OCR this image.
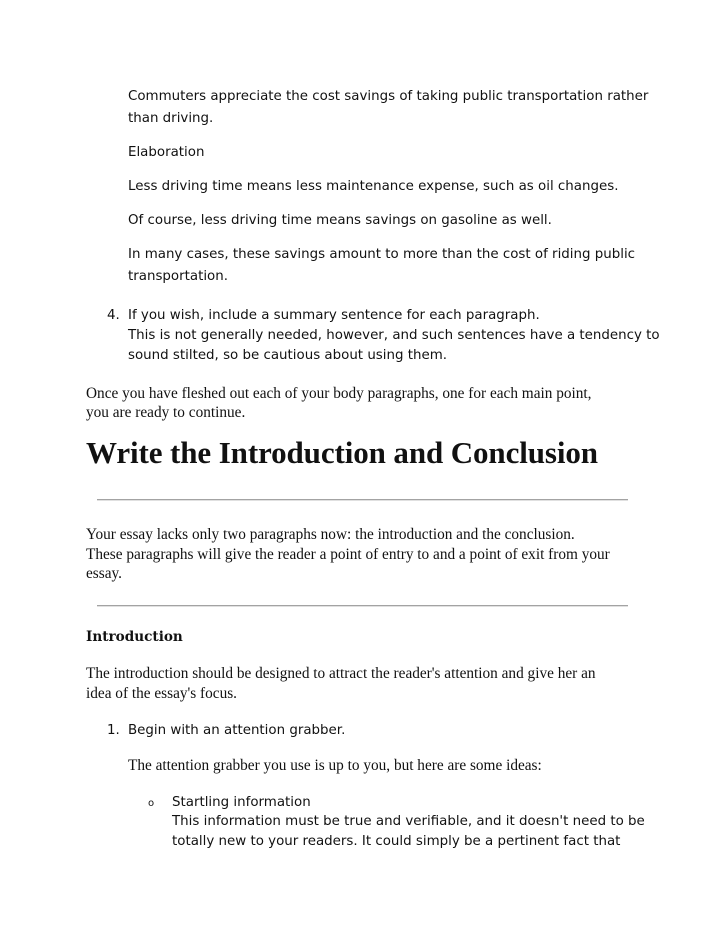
Commuters appreciate the cost savings of taking public transportation rather

than driving.

Elaboration

Less driving time means less maintenance expense, such as oil changes.

Of course, less driving time means savings on gasoline as well.

In many cases, these savings amount to more than the cost of riding public

transportation.

4. If you wish, include a summary sentence for each paragraph.

This is not generally needed, however, and such sentences have a tendency to

sound stilted, so be cautious about using them.

Once you have fleshed out each of your body paragraphs, one for each main point,

you are ready to continue.

Write the Introduction and Conclusion

Your essay lacks only two paragraphs now: the introduction and the conclusion.

These paragraphs will give the reader a point of entry to and a point of exit from your

essay.

Introduction

The introduction should be designed to attract the reader's attention and give her an

idea of the essay's focus.

1. Begin with an attention grabber.

The attention grabber you use is up to you, but here are some ideas:

o Startling information

This information must be true and verifiable, and it doesn't need to be

totally new to your readers. It could simply be a pertinent fact that
